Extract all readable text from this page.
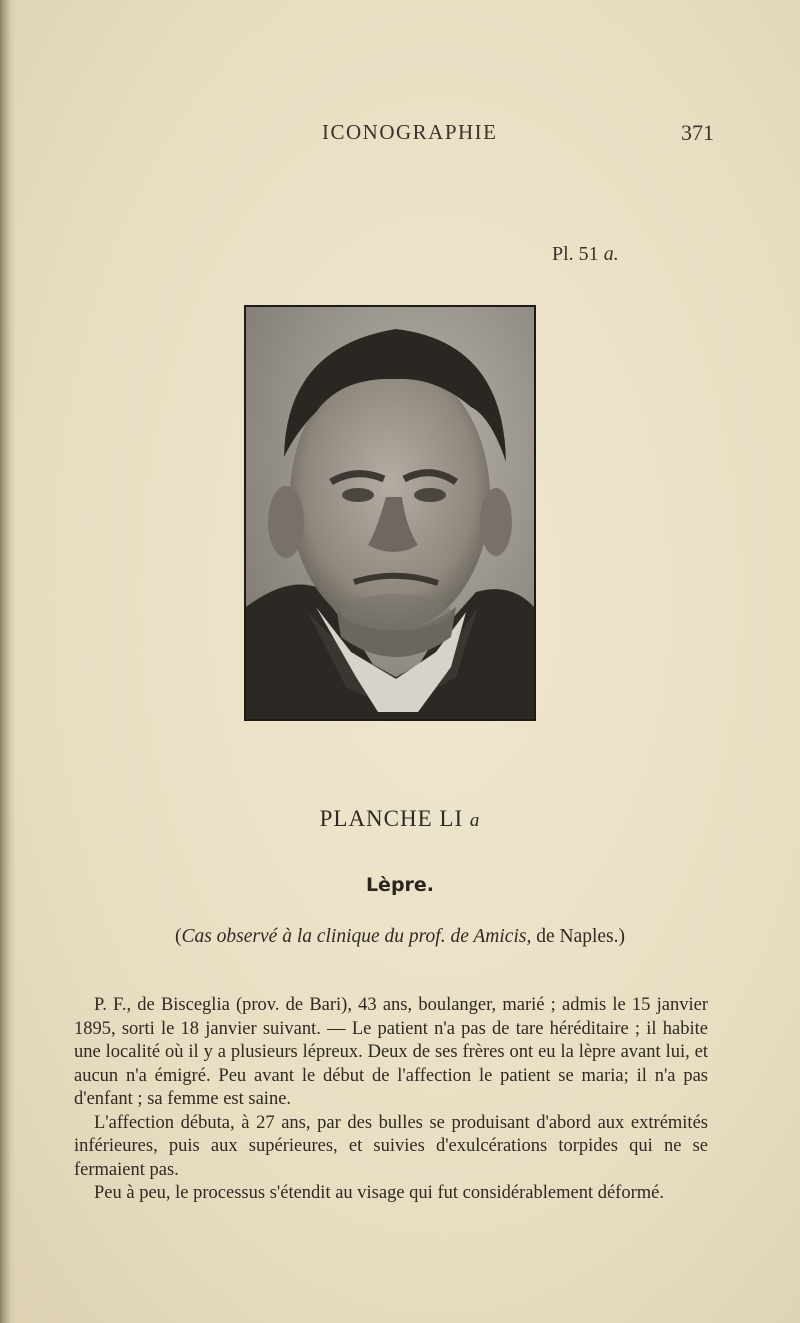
ICONOGRAPHIE	371
Pl. 51 a.
PLANCHE LI a
Lèpre.
(Cas observé à la clinique du prof. de Amicis, de Naples.)

P. F., de Bisceglia (prov. de Bari), 43 ans, boulanger, marié ; admis le 15 janvier 1895, sorti le 18 janvier suivant. — Le patient n'a pas de tare héréditaire ; il habite une localité où il y a plusieurs lépreux. Deux de ses frères ont eu la lèpre avant lui, et aucun n'a émigré. Peu avant le début de l'affection le patient se maria; il n'a pas d'enfant ; sa femme est saine.

L'affection débuta, à 27 ans, par des bulles se produisant d'abord aux extrémités inférieures, puis aux supérieures, et suivies d'exulcérations torpides qui ne se fermaient pas.

Peu à peu, le processus s'étendit au visage qui fut considérablement déformé.
